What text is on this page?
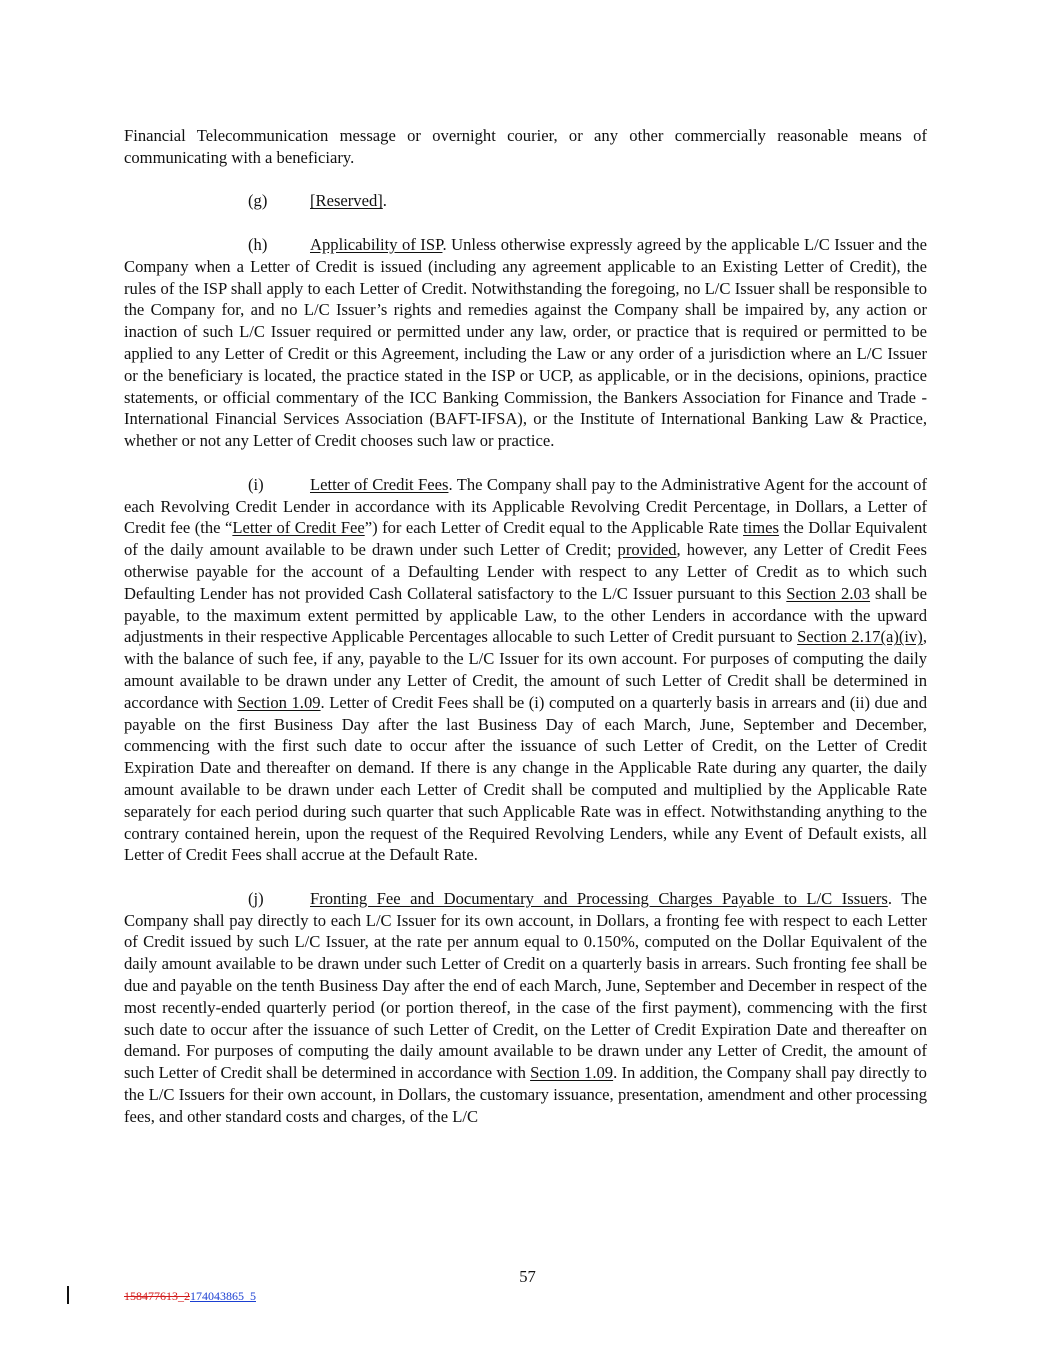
Financial Telecommunication message or overnight courier, or any other commercially reasonable means of communicating with a beneficiary.

(g)	[Reserved].

(h)	Applicability of ISP. Unless otherwise expressly agreed by the applicable L/C Issuer and the Company when a Letter of Credit is issued (including any agreement applicable to an Existing Letter of Credit), the rules of the ISP shall apply to each Letter of Credit. Notwithstanding the foregoing, no L/C Issuer shall be responsible to the Company for, and no L/C Issuer’s rights and remedies against the Company shall be impaired by, any action or inaction of such L/C Issuer required or permitted under any law, order, or practice that is required or permitted to be applied to any Letter of Credit or this Agreement, including the Law or any order of a jurisdiction where an L/C Issuer or the beneficiary is located, the practice stated in the ISP or UCP, as applicable, or in the decisions, opinions, practice statements, or official commentary of the ICC Banking Commission, the Bankers Association for Finance and Trade - International Financial Services Association (BAFT-IFSA), or the Institute of International Banking Law & Practice, whether or not any Letter of Credit chooses such law or practice.

(i)	Letter of Credit Fees. The Company shall pay to the Administrative Agent for the account of each Revolving Credit Lender in accordance with its Applicable Revolving Credit Percentage, in Dollars, a Letter of Credit fee (the “Letter of Credit Fee”) for each Letter of Credit equal to the Applicable Rate times the Dollar Equivalent of the daily amount available to be drawn under such Letter of Credit; provided, however, any Letter of Credit Fees otherwise payable for the account of a Defaulting Lender with respect to any Letter of Credit as to which such Defaulting Lender has not provided Cash Collateral satisfactory to the L/C Issuer pursuant to this Section 2.03 shall be payable, to the maximum extent permitted by applicable Law, to the other Lenders in accordance with the upward adjustments in their respective Applicable Percentages allocable to such Letter of Credit pursuant to Section 2.17(a)(iv), with the balance of such fee, if any, payable to the L/C Issuer for its own account. For purposes of computing the daily amount available to be drawn under any Letter of Credit, the amount of such Letter of Credit shall be determined in accordance with Section 1.09. Letter of Credit Fees shall be (i) computed on a quarterly basis in arrears and (ii) due and payable on the first Business Day after the last Business Day of each March, June, September and December, commencing with the first such date to occur after the issuance of such Letter of Credit, on the Letter of Credit Expiration Date and thereafter on demand. If there is any change in the Applicable Rate during any quarter, the daily amount available to be drawn under each Letter of Credit shall be computed and multiplied by the Applicable Rate separately for each period during such quarter that such Applicable Rate was in effect. Notwithstanding anything to the contrary contained herein, upon the request of the Required Revolving Lenders, while any Event of Default exists, all Letter of Credit Fees shall accrue at the Default Rate.

(j)	Fronting Fee and Documentary and Processing Charges Payable to L/C Issuers. The Company shall pay directly to each L/C Issuer for its own account, in Dollars, a fronting fee with respect to each Letter of Credit issued by such L/C Issuer, at the rate per annum equal to 0.150%, computed on the Dollar Equivalent of the daily amount available to be drawn under such Letter of Credit on a quarterly basis in arrears. Such fronting fee shall be due and payable on the tenth Business Day after the end of each March, June, September and December in respect of the most recently-ended quarterly period (or portion thereof, in the case of the first payment), commencing with the first such date to occur after the issuance of such Letter of Credit, on the Letter of Credit Expiration Date and thereafter on demand. For purposes of computing the daily amount available to be drawn under any Letter of Credit, the amount of such Letter of Credit shall be determined in accordance with Section 1.09. In addition, the Company shall pay directly to the L/C Issuers for their own account, in Dollars, the customary issuance, presentation, amendment and other processing fees, and other standard costs and charges, of the L/C

57
158477613_2174043865_5
